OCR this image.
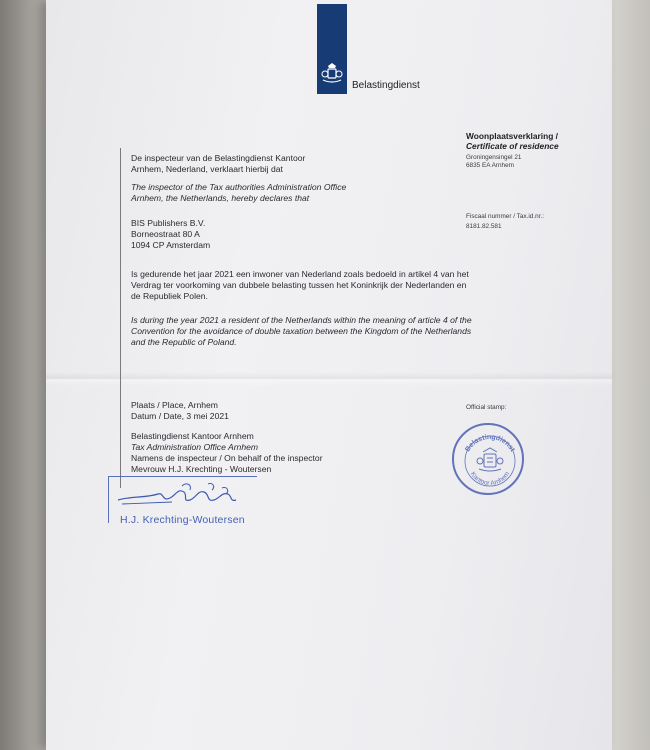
Belastingdienst
Woonplaatsverklaring /
Certificate of residence
Groningensingel 21
6835 EA Arnhem
Fiscaal nummer / Tax.id.nr.:
8181.82.581
De inspecteur van de Belastingdienst Kantoor
Arnhem, Nederland, verklaart hierbij dat
The inspector of the Tax authorities Administration Office
Arnhem, the Netherlands, hereby declares that
BIS Publishers B.V.
Borneostraat 80 A
1094 CP Amsterdam
Is gedurende het jaar 2021 een inwoner van Nederland zoals bedoeld in artikel 4 van het
Verdrag ter voorkoming van dubbele belasting tussen het Koninkrijk der Nederlanden en
de Republiek Polen.
Is during the year 2021 a resident of the Netherlands within the meaning of article 4 of the
Convention for the avoidance of double taxation between the Kingdom of the Netherlands
and the Republic of Poland.
Plaats / Place, Arnhem
Datum / Date, 3 mei 2021
Belastingdienst Kantoor Arnhem
Tax Administration Office Arnhem
Namens de inspecteur / On behalf of the inspector
Mevrouw H.J. Krechting - Woutersen
Official stamp:
Belastingdienst
Kantoor Arnhem
H.J. Krechting-Woutersen
